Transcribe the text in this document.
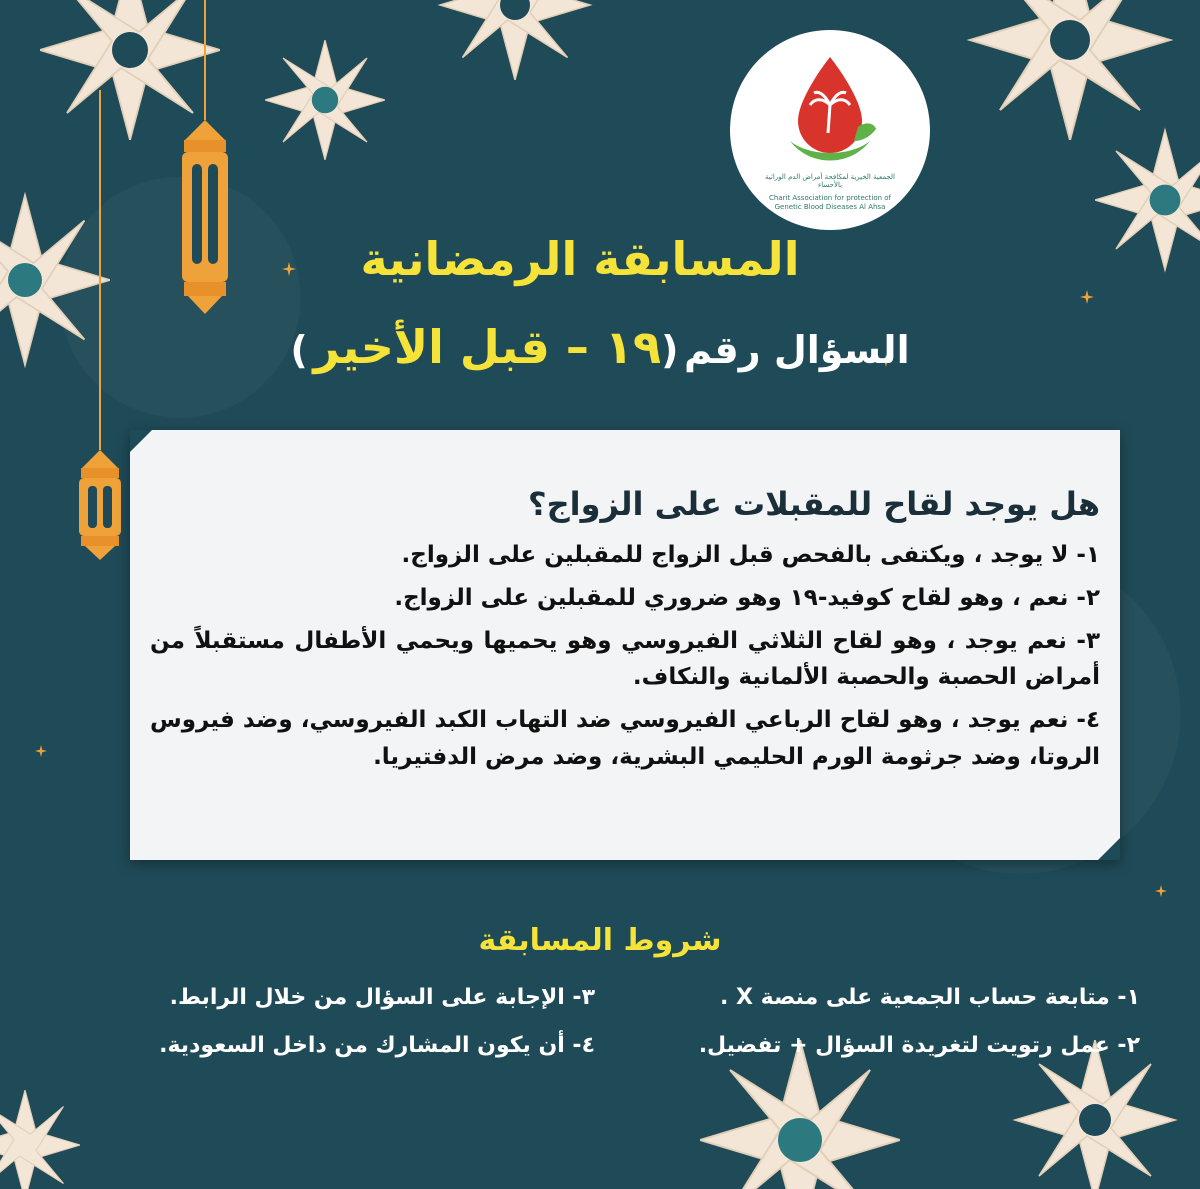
الجمعية الخيرية لمكافحة أمراض الدم الوراثية بالأحساء
Charit Association for protection of Genetic Blood Diseases Al Ahsa
المسابقة الرمضانية
السؤال رقم (١٩ – قبل الأخير )
هل يوجد لقاح للمقبلات على الزواج؟
١- لا يوجد ، ويكتفى بالفحص قبل الزواج للمقبلين على الزواج.
٢- نعم ، وهو لقاح كوفيد-١٩ وهو ضروري للمقبلين على الزواج.
٣- نعم يوجد ، وهو لقاح الثلاثي الفيروسي وهو يحميها ويحمي الأطفال مستقبلاً من أمراض الحصبة والحصبة الألمانية والنكاف.
٤- نعم يوجد ، وهو لقاح الرباعي الفيروسي ضد التهاب الكبد الفيروسي، وضد فيروس الروتا، وضد جرثومة الورم الحليمي البشرية، وضد مرض الدفتيريا.
شروط المسابقة
١- متابعة حساب الجمعية على منصة X .
٣- الإجابة على السؤال من خلال الرابط.
٢- عمل رتويت لتغريدة السؤال + تفضيل.
٤- أن يكون المشارك من داخل السعودية.
